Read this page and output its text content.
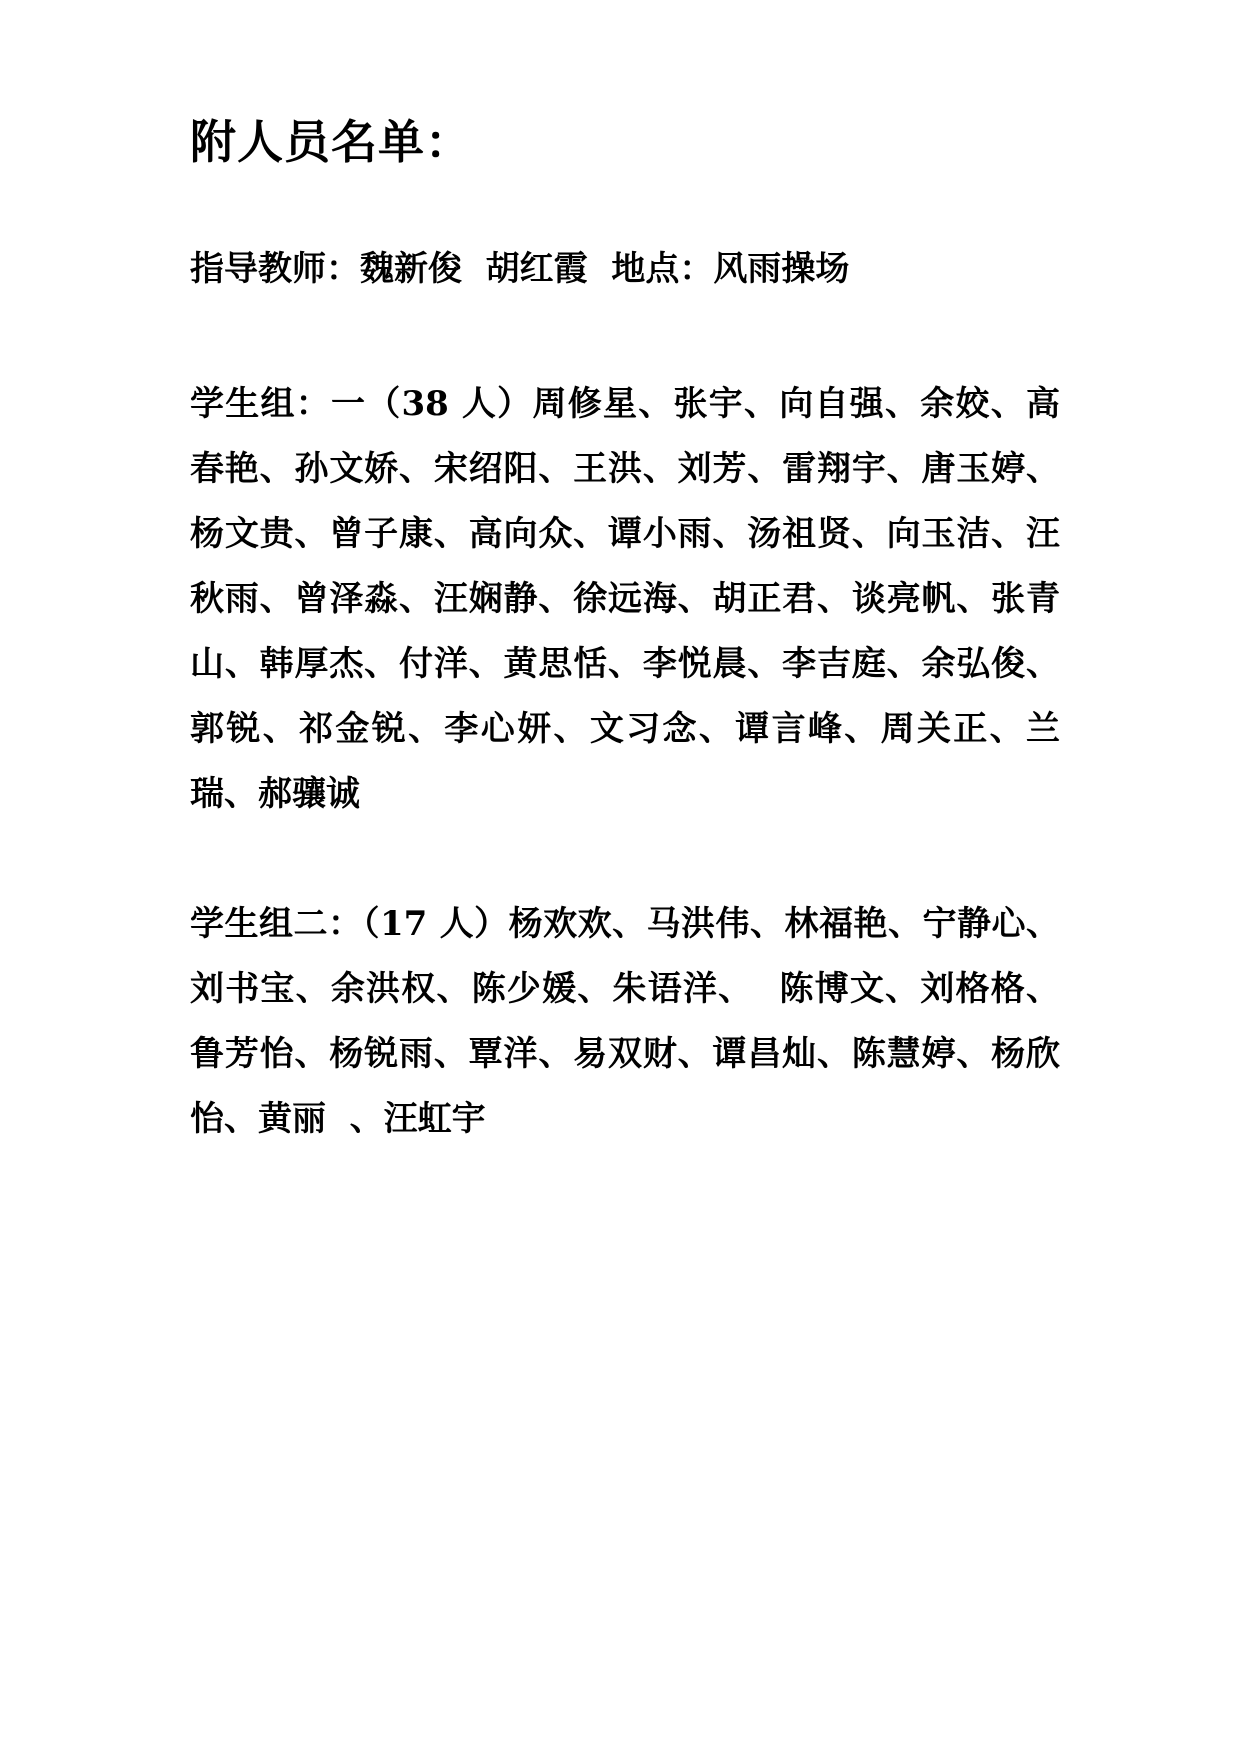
附人员名单：

指导教师：魏新俊  胡红霞  地点：风雨操场

学生组：一（38 人）周修星、张宇、向自强、余姣、高春艳、孙文娇、宋绍阳、王洪、刘芳、雷翔宇、唐玉婷、杨文贵、曾子康、高向众、谭小雨、汤祖贤、向玉洁、汪秋雨、曾泽淼、汪娴静、徐远海、胡正君、谈亮帆、张青山、韩厚杰、付洋、黄思恬、李悦晨、李吉庭、余弘俊、郭锐、祁金锐、李心妍、文习念、谭言峰、周关正、兰瑞、郝骧诚

学生组二：（17 人）杨欢欢、马洪伟、林福艳、宁静心、刘书宝、余洪权、陈少媛、朱语洋、  陈博文、刘格格、鲁芳怡、杨锐雨、覃洋、易双财、谭昌灿、陈慧婷、杨欣怡、黄丽  、汪虹宇
